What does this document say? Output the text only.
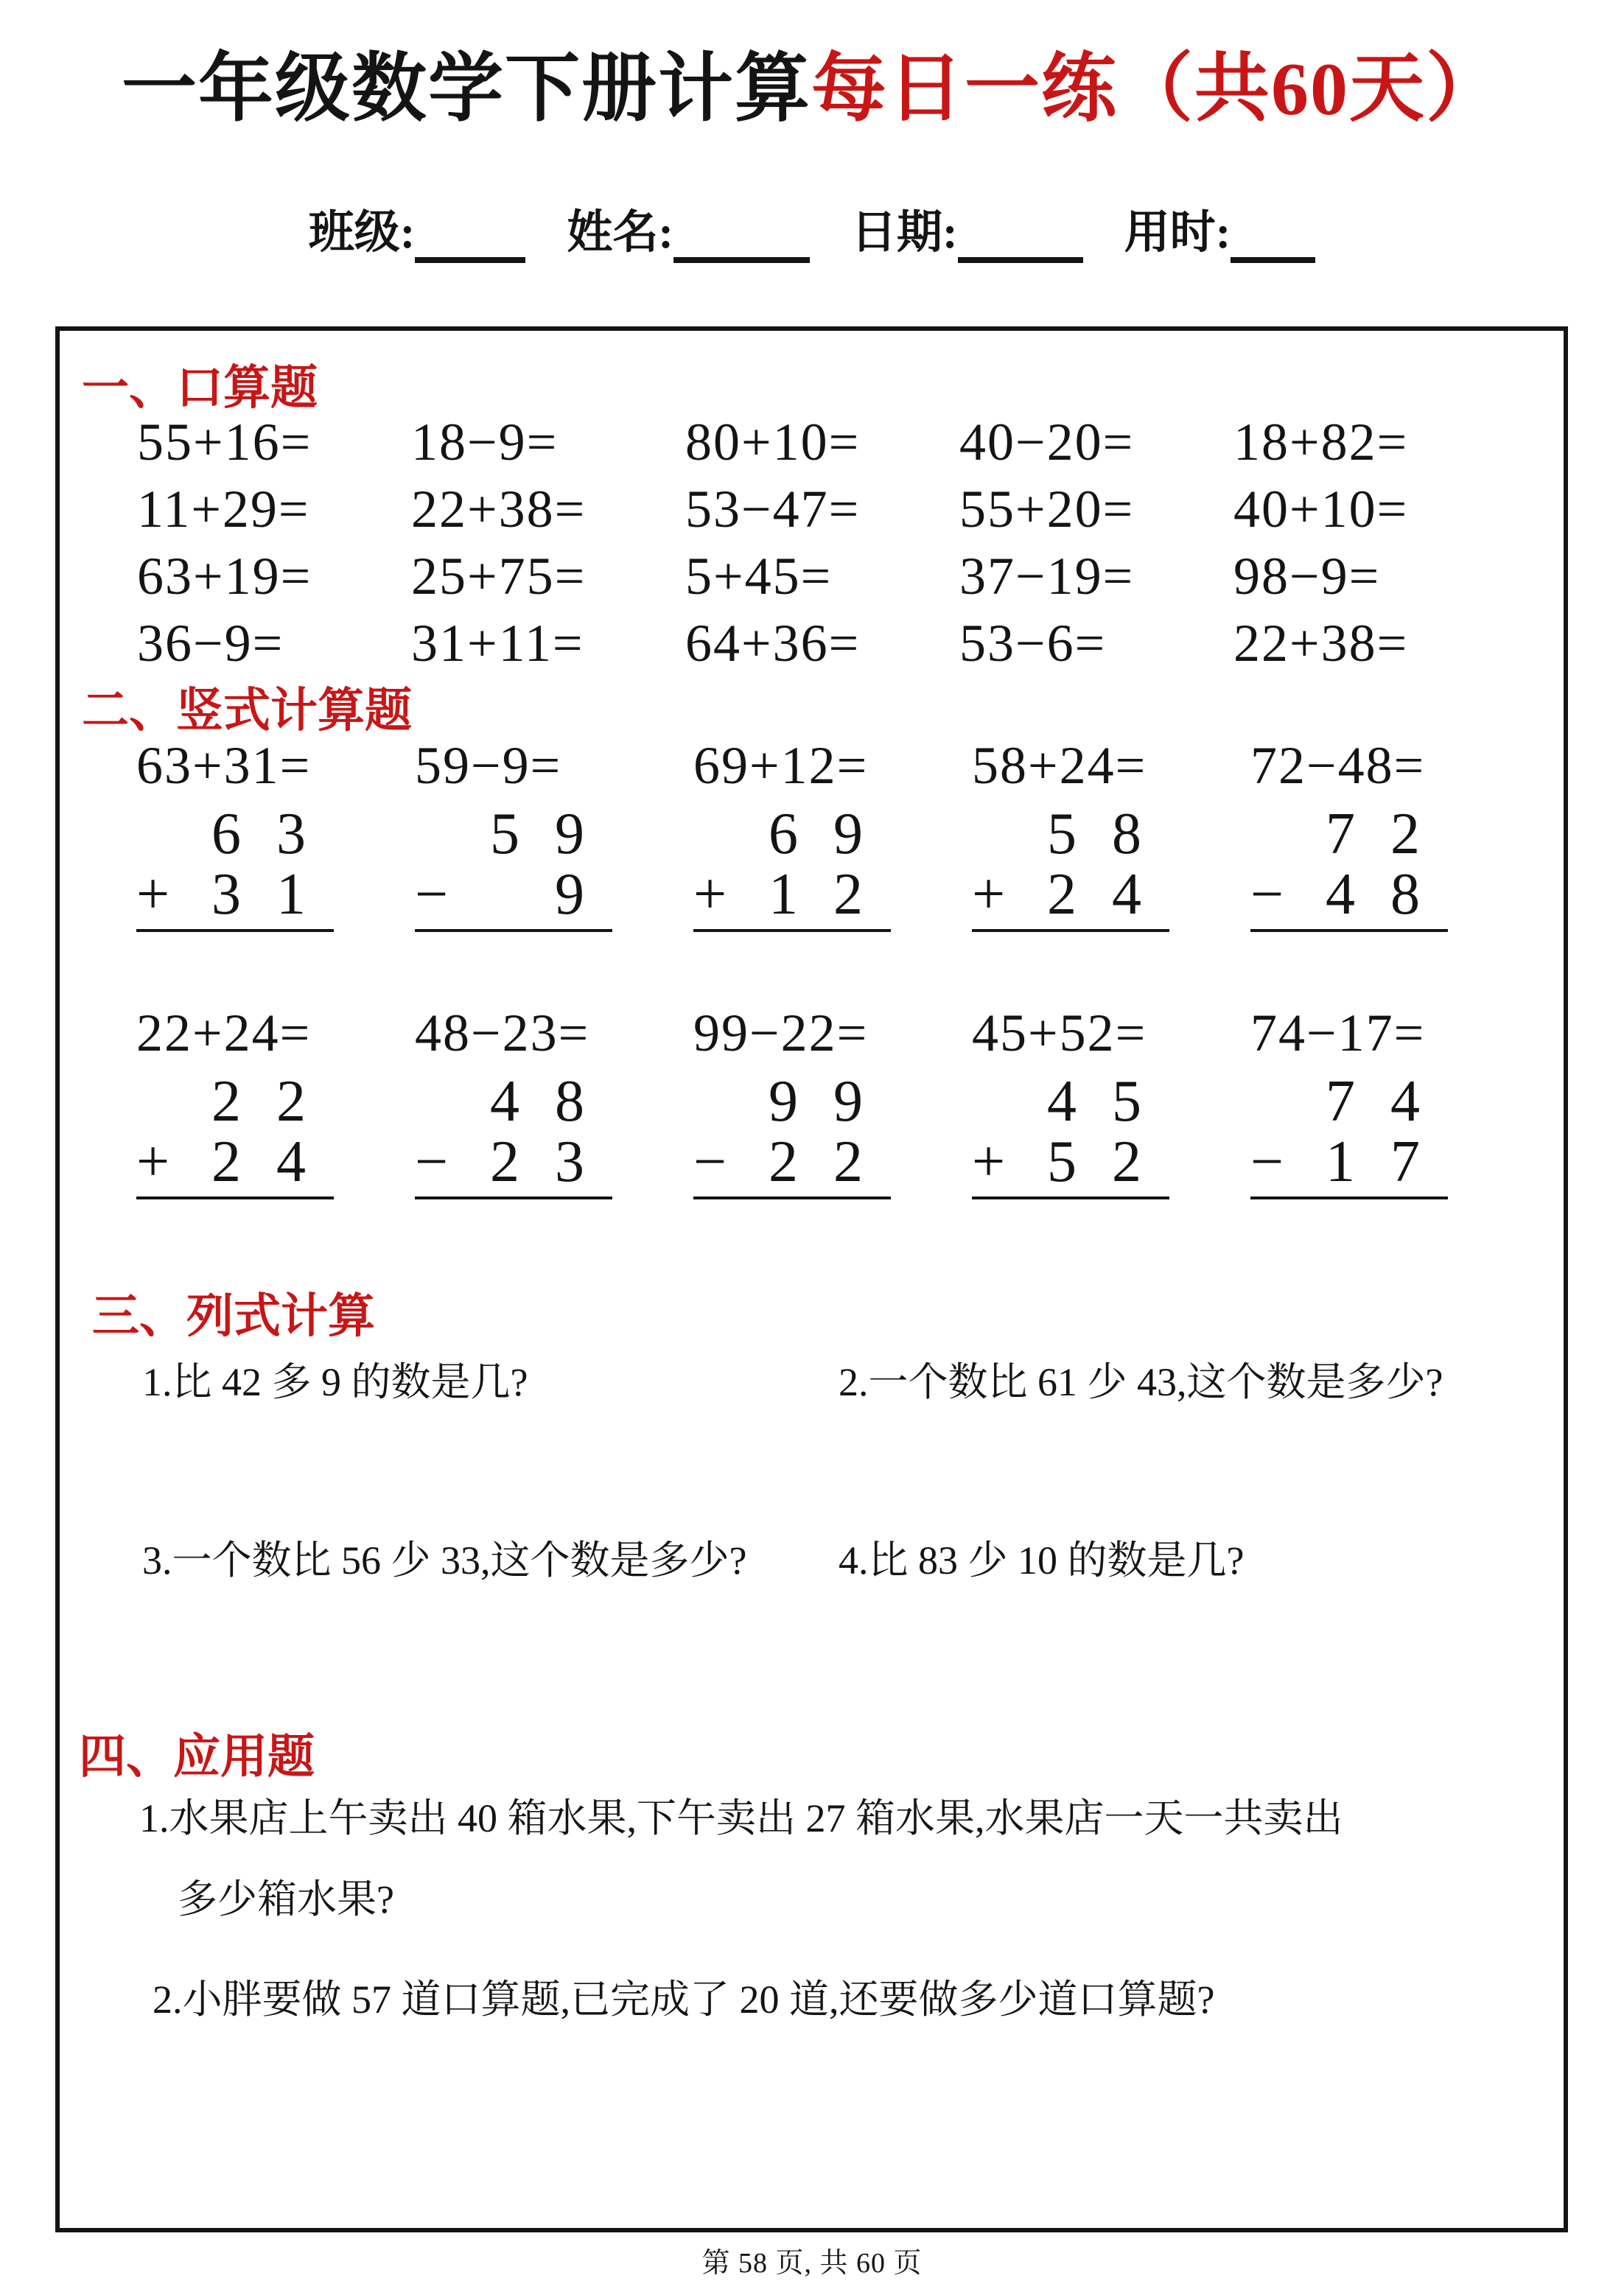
一年级数学下册计算每日一练（共60天）
班级:	姓名:	日期:	用时:
一、口算题
55+16=	18−9=	80+10=	40−20=	18+82=
11+29=	22+38=	53−47=	55+20=	40+10=
63+19=	25+75=	5+45=	37−19=	98−9=
36−9=	31+11=	64+36=	53−6=	22+38=
二、竖式计算题
63+31=
6 3
+ 3 1
59−9=
5 9
−	9
69+12=
6 9
+ 1 2
58+24=
5 8
+ 2 4
72−48=
7 2
− 4 8
22+24=
2 2
+ 2 4
48−23=
4 8
− 2 3
99−22=
9 9
− 2 2
45+52=
4 5
+ 5 2
74−17=
7 4
− 1 7
三、列式计算
1.比 42 多 9 的数是几?	2.一个数比 61 少 43,这个数是多少?
3.一个数比 56 少 33,这个数是多少?	4.比 83 少 10 的数是几?
四、应用题
1.水果店上午卖出 40 箱水果,下午卖出 27 箱水果,水果店一天一共卖出
多少箱水果?
2.小胖要做 57 道口算题,已完成了 20 道,还要做多少道口算题?
第 58 页, 共 60 页
